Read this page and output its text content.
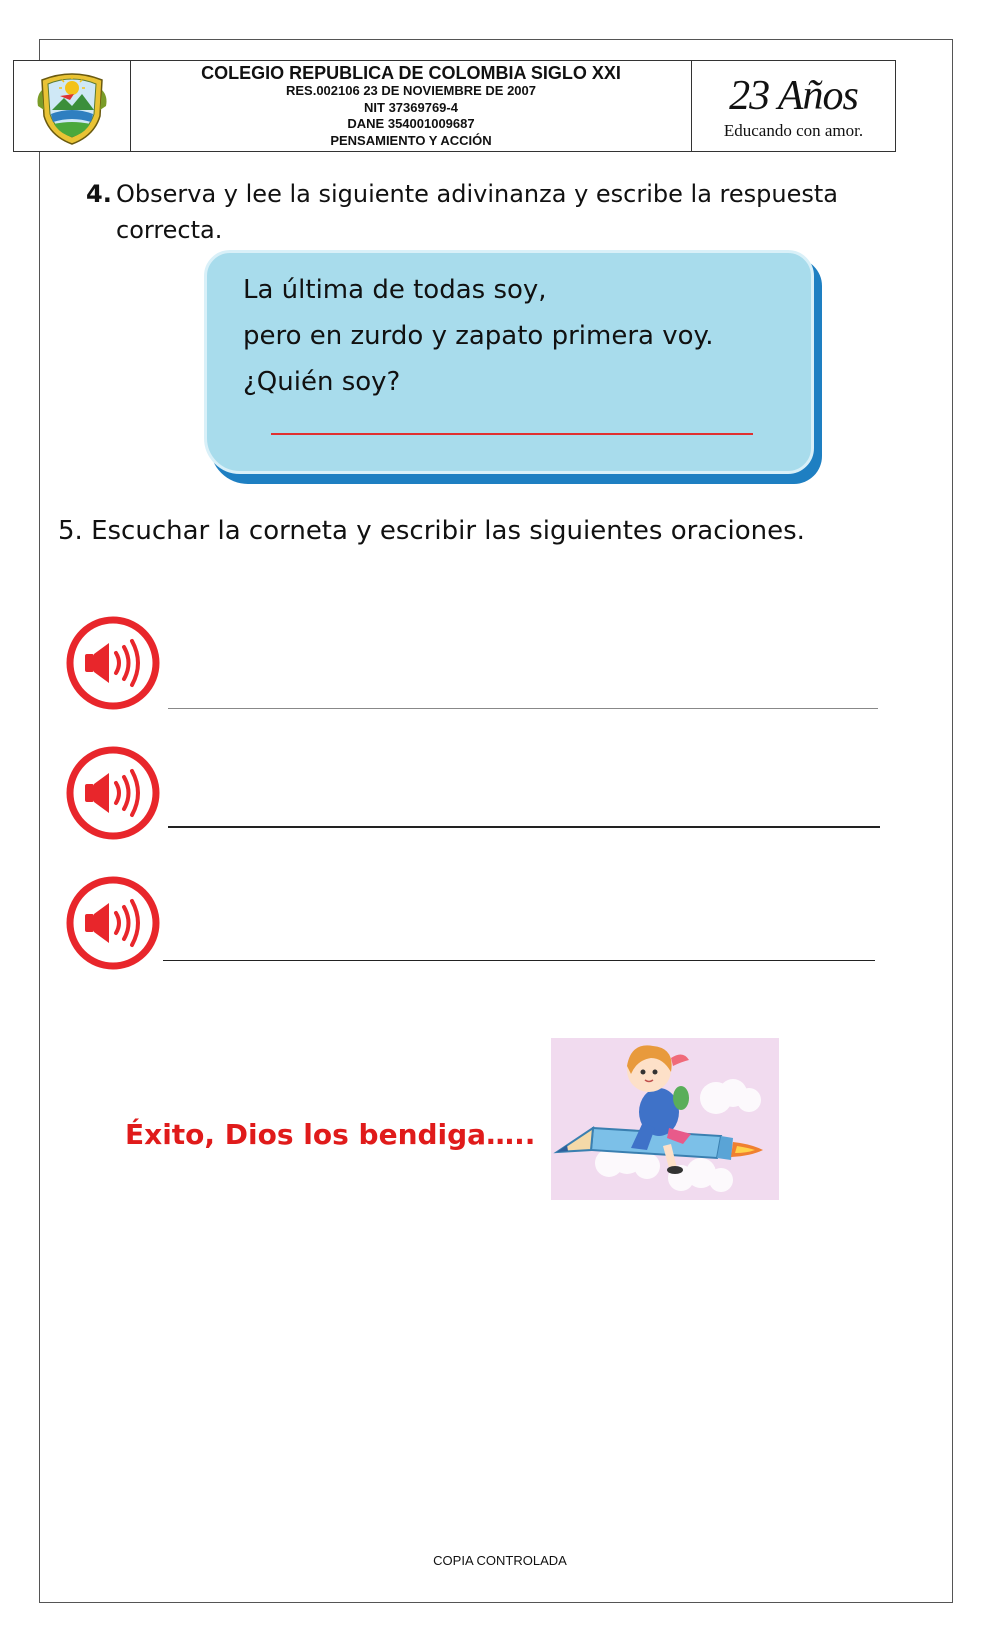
COLEGIO REPUBLICA DE COLOMBIA SIGLO XXI
RES.002106 23 DE NOVIEMBRE DE 2007
NIT 37369769-4
DANE 354001009687
PENSAMIENTO Y ACCIÓN
23 Años
Educando con amor.
4. Observa y lee la siguiente adivinanza y escribe la respuesta correcta.
La última de todas soy,
pero en zurdo y zapato primera voy.
¿Quién soy?
5. Escuchar la corneta y escribir las siguientes oraciones.
Éxito, Dios los bendiga…..
COPIA CONTROLADA
